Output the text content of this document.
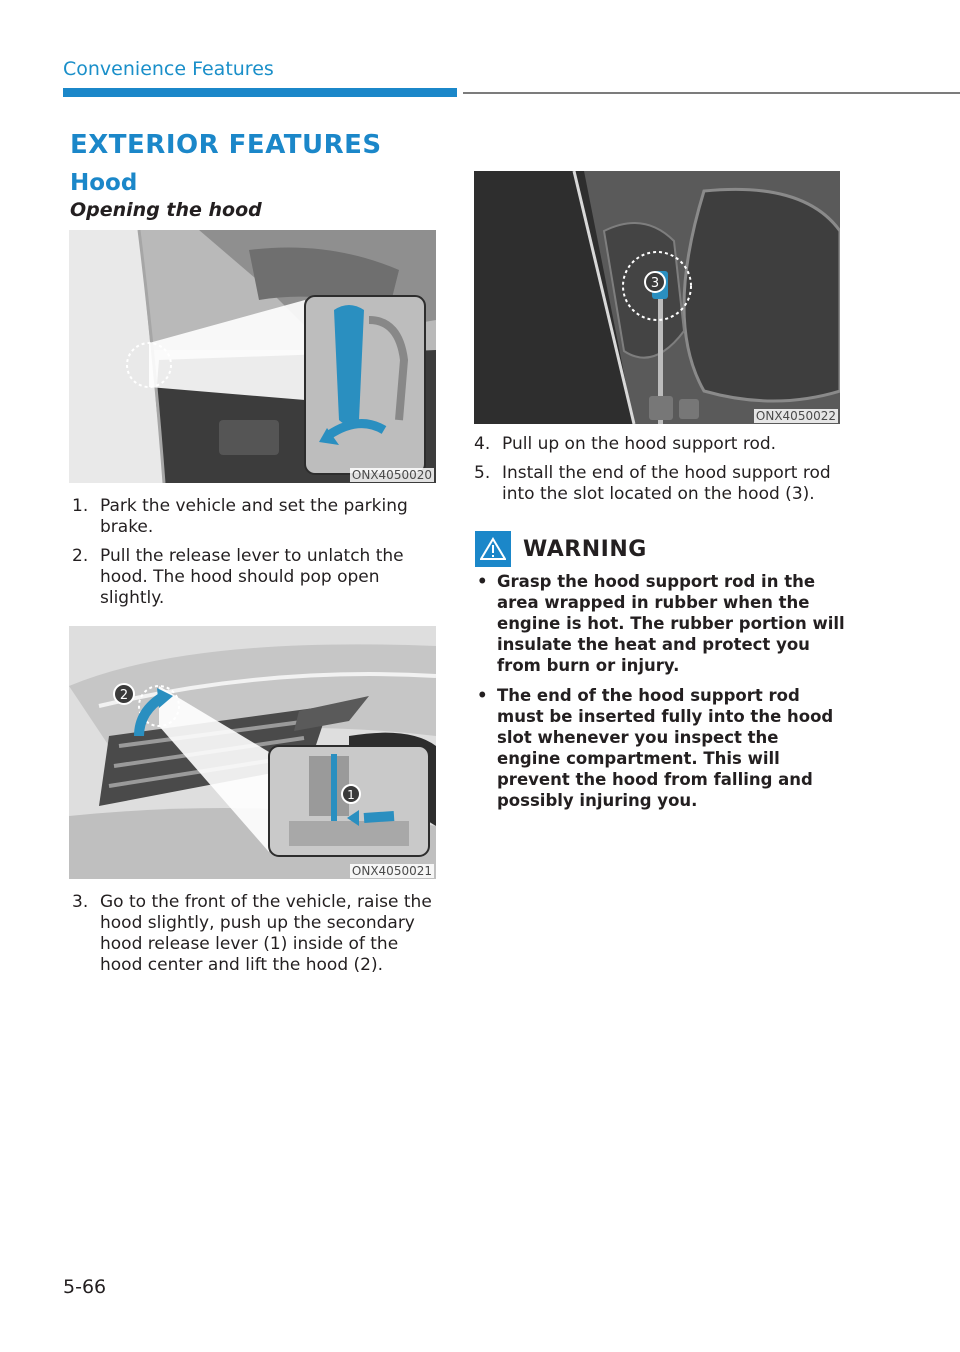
Convenience Features
EXTERIOR FEATURES
Hood
Opening the hood
ONX4050020
1. Park the vehicle and set the parking brake.
2. Pull the release lever to unlatch the hood. The hood should pop open slightly.
2
1
ONX4050021
3. Go to the front of the vehicle, raise the hood slightly, push up the secondary hood release lever (1) inside of the hood center and lift the hood (2).
3
ONX4050022
4. Pull up on the hood support rod.
5. Install the end of the hood support rod into the slot located on the hood (3).
WARNING
• Grasp the hood support rod in the area wrapped in rubber when the engine is hot. The rubber portion will insulate the heat and protect you from burn or injury.
• The end of the hood support rod must be inserted fully into the hood slot whenever you inspect the engine compartment. This will prevent the hood from falling and possibly injuring you.
5-66
